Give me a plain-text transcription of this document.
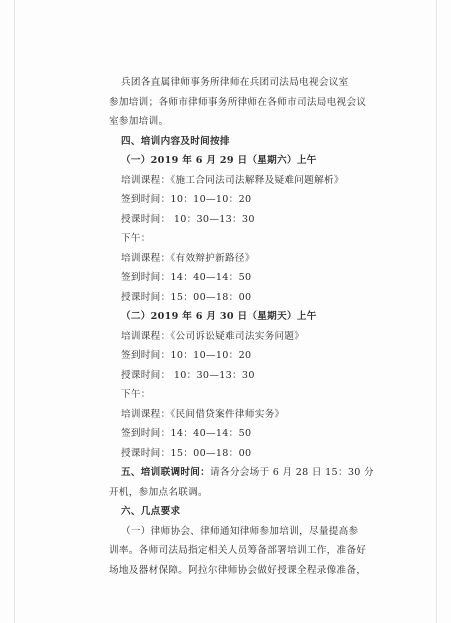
兵团各直属律师事务所律师在兵团司法局电视会议室
参加培训；各师市律师事务所律师在各师市司法局电视会议
室参加培训。
四、培训内容及时间按排
（一）2019 年 6 月 29 日（星期六）上午
培训课程：《施工合同法司法解释及疑难问题解析》
签到时间：10：10—10：20
授课时间： 10：30—13：30
下午：
培训课程：《有效辩护新路径》
签到时间：14：40—14：50
授课时间：15：00—18：00
（二）2019 年 6 月 30 日（星期天）上午
培训课程：《公司诉讼疑难司法实务问题》
签到时间：10：10—10：20
授课时间： 10：30—13：30
下午：
培训课程：《民间借贷案件律师实务》
签到时间：14：40—14：50
授课时间：15：00—18：00
五、培训联调时间：请各分会场于 6 月 28 日 15：30 分
开机，参加点名联调。
六、几点要求
（一）律师协会、律师通知律师参加培训，尽量提高参
训率。各师司法局指定相关人员筹备部署培训工作，准备好
场地及器材保障。阿拉尔律师协会做好授课全程录像准备，
